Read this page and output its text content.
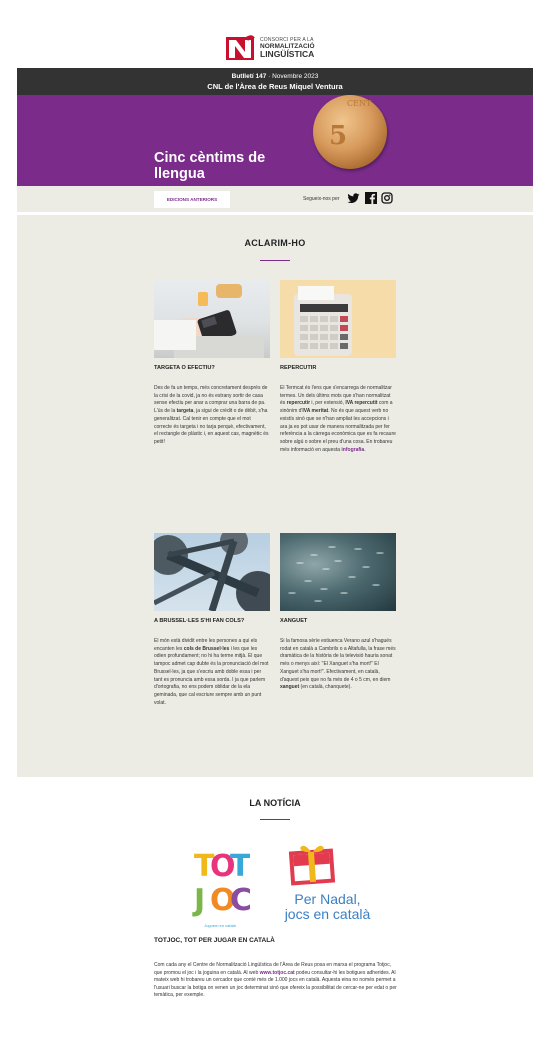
CONSORCI PER A LA
NORMALITZACIÓ
LINGÜÍSTICA
Butlletí 147 · Novembre 2023
CNL de l'Àrea de Reus Miquel Ventura
CENT
5
Cinc cèntims de
llengua
EDICIONS ANTERIORS	Segueix-nos per
ACLARIM-HO
TARGETA O EFECTIU?
Des de fa un temps, més concretament després de la crisi de la covid, ja no és estrany sortir de casa sense efectiu per anar a comprar una barra de pa. L'ús de la targeta, ja sigui de crèdit o de dèbit, s'ha generalitzat. Cal tenir en compte que el mot correcte és targeta i no tarja perquè, efectivament, el rectangle de plàstic i, en aquest cas, magnètic és petit!
REPERCUTIR
El Termcat és l'ens que s'encarrega de normalitzar termes. Un dels últims mots que s'han normalitzat és repercutir i, per extensió, IVA repercutit com a sinònim d'IVA meritat. No és que aquest verb no existís sinó que se n'han ampliat les accepcions i ara ja es pot usar de manera normalitzada per fer referència a la càrrega econòmica que es fa recaure sobre algú o sobre el preu d'una cosa. En trobareu més informació en aquesta infografia.
A BRUSSEL·LES S'HI FAN COLS?
El món està dividit entre les persones a qui els encanten les cols de Brussel·les i les que les odien profundament; no hi ha terme mitjà. El que tampoc admet cap dubte és la pronunciació del mot Brussel·les, ja que s'escriu amb doble essa i per tant es pronuncia amb essa sorda. I ja que parlem d'ortografia, no ens podem oblidar de la ela geminada, que cal escriure sempre amb un punt volat.
XANGUET
Si la famosa sèrie estiuenca Verano azul s'hagués rodat en català a Cambrils o a Altafulla, la frase més dramàtica de la història de la televisió hauria sonat més o menys així: "El Xanguet s'ha mort!" El Xanguet s'ha mort!". Efectivament, en català, d'aquest peix que no fa més de 4 o 5 cm, en diem xanguet (en català, chanquete).
LA NOTÍCIA
T
O
T
J O
C
Juguem en català
Per Nadal,
jocs en català
TOTJOC, TOT PER JUGAR EN CATALÀ
Com cada any el Centre de Normalització Lingüística de l'Àrea de Reus posa en marxa el programa Totjoc, que promou el joc i la joguina en català. Al web www.totjoc.cat podeu consultar-hi les botigues adherides. Al mateix web hi trobareu un cercador que conté més de 1.000 jocs en català. Aquesta eina no només permet a l'usuari buscar la botiga on venen un joc determinat sinó que ofereix la possibilitat de cercar-ne per edat o per temàtica, per exemple.
